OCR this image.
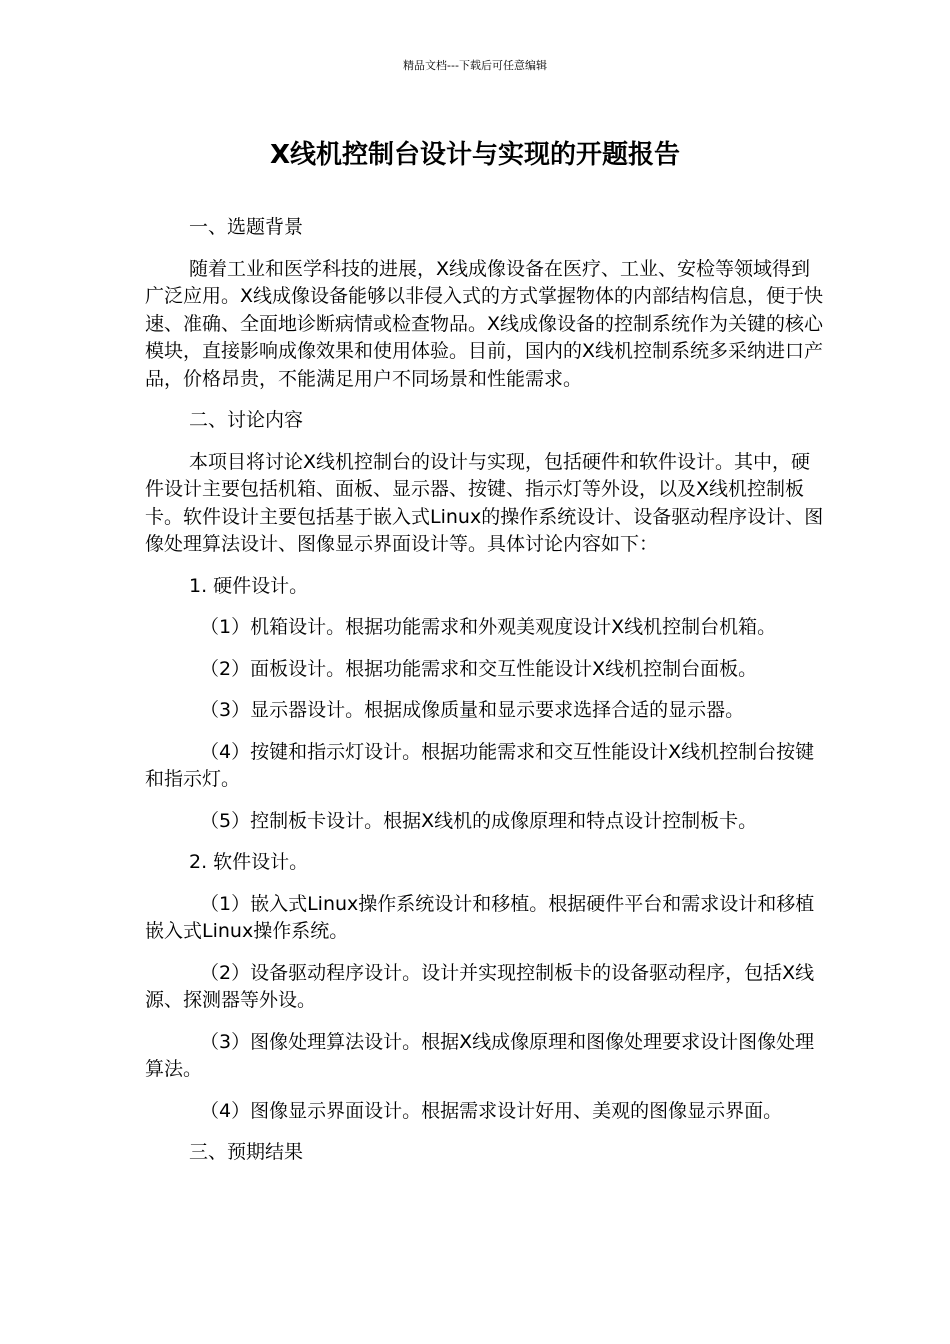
精品文档---下载后可任意编辑
X线机控制台设计与实现的开题报告

一、选题背景

随着工业和医学科技的进展，X线成像设备在医疗、工业、安检等领域得到广泛应用。X线成像设备能够以非侵入式的方式掌握物体的内部结构信息，便于快速、准确、全面地诊断病情或检查物品。X线成像设备的控制系统作为关键的核心模块，直接影响成像效果和使用体验。目前，国内的X线机控制系统多采纳进口产品，价格昂贵，不能满足用户不同场景和性能需求。

二、讨论内容

本项目将讨论X线机控制台的设计与实现，包括硬件和软件设计。其中，硬件设计主要包括机箱、面板、显示器、按键、指示灯等外设，以及X线机控制板卡。软件设计主要包括基于嵌入式Linux的操作系统设计、设备驱动程序设计、图像处理算法设计、图像显示界面设计等。具体讨论内容如下：

1. 硬件设计。

（1）机箱设计。根据功能需求和外观美观度设计X线机控制台机箱。

（2）面板设计。根据功能需求和交互性能设计X线机控制台面板。

（3）显示器设计。根据成像质量和显示要求选择合适的显示器。

（4）按键和指示灯设计。根据功能需求和交互性能设计X线机控制台按键和指示灯。

（5）控制板卡设计。根据X线机的成像原理和特点设计控制板卡。

2. 软件设计。

（1）嵌入式Linux操作系统设计和移植。根据硬件平台和需求设计和移植嵌入式Linux操作系统。

（2）设备驱动程序设计。设计并实现控制板卡的设备驱动程序，包括X线源、探测器等外设。

（3）图像处理算法设计。根据X线成像原理和图像处理要求设计图像处理算法。

（4）图像显示界面设计。根据需求设计好用、美观的图像显示界面。

三、预期结果
